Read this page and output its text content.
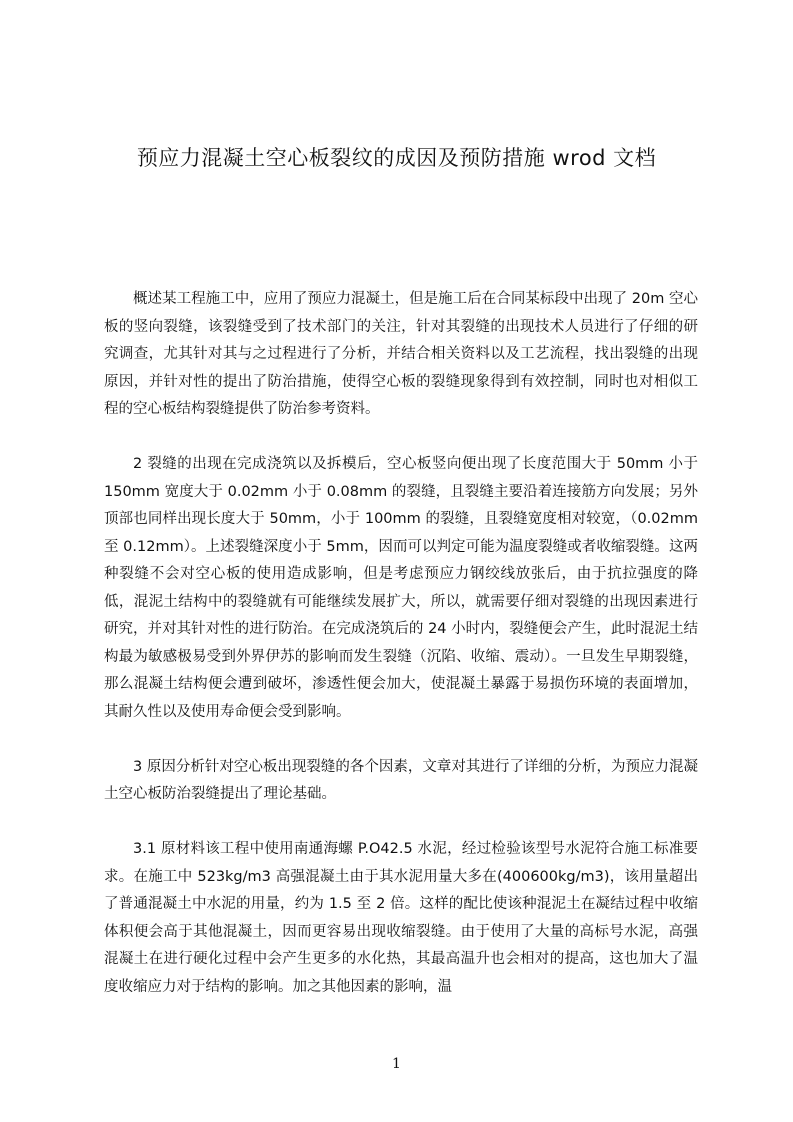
预应力混凝土空心板裂纹的成因及预防措施 wrod 文档

概述某工程施工中，应用了预应力混凝土，但是施工后在合同某标段中出现了 20m 空心板的竖向裂缝，该裂缝受到了技术部门的关注，针对其裂缝的出现技术人员进行了仔细的研究调查，尤其针对其与之过程进行了分析，并结合相关资料以及工艺流程，找出裂缝的出现原因，并针对性的提出了防治措施，使得空心板的裂缝现象得到有效控制，同时也对相似工程的空心板结构裂缝提供了防治参考资料。

2 裂缝的出现在完成浇筑以及拆模后，空心板竖向便出现了长度范围大于 50mm 小于 150mm 宽度大于 0.02mm 小于 0.08mm 的裂缝，且裂缝主要沿着连接筋方向发展；另外顶部也同样出现长度大于 50mm，小于 100mm 的裂缝，且裂缝宽度相对较宽，（0.02mm 至 0.12mm）。上述裂缝深度小于 5mm，因而可以判定可能为温度裂缝或者收缩裂缝。这两种裂缝不会对空心板的使用造成影响，但是考虑预应力钢绞线放张后，由于抗拉强度的降低，混泥土结构中的裂缝就有可能继续发展扩大，所以，就需要仔细对裂缝的出现因素进行研究，并对其针对性的进行防治。在完成浇筑后的 24 小时内，裂缝便会产生，此时混泥土结构最为敏感极易受到外界伊苏的影响而发生裂缝（沉陷、收缩、震动）。一旦发生早期裂缝，那么混凝土结构便会遭到破坏，渗透性便会加大，使混凝土暴露于易损伤环境的表面增加，其耐久性以及使用寿命便会受到影响。

3 原因分析针对空心板出现裂缝的各个因素，文章对其进行了详细的分析，为预应力混凝土空心板防治裂缝提出了理论基础。

3.1 原材料该工程中使用南通海螺 P.O42.5 水泥，经过检验该型号水泥符合施工标准要求。在施工中 523kg/m3 高强混凝土由于其水泥用量大多在(400600kg/m3)，该用量超出了普通混凝土中水泥的用量，约为 1.5 至 2 倍。这样的配比使该种混泥土在凝结过程中收缩体积便会高于其他混凝土，因而更容易出现收缩裂缝。由于使用了大量的高标号水泥，高强混凝土在进行硬化过程中会产生更多的水化热，其最高温升也会相对的提高，这也加大了温度收缩应力对于结构的影响。加之其他因素的影响，温

1
